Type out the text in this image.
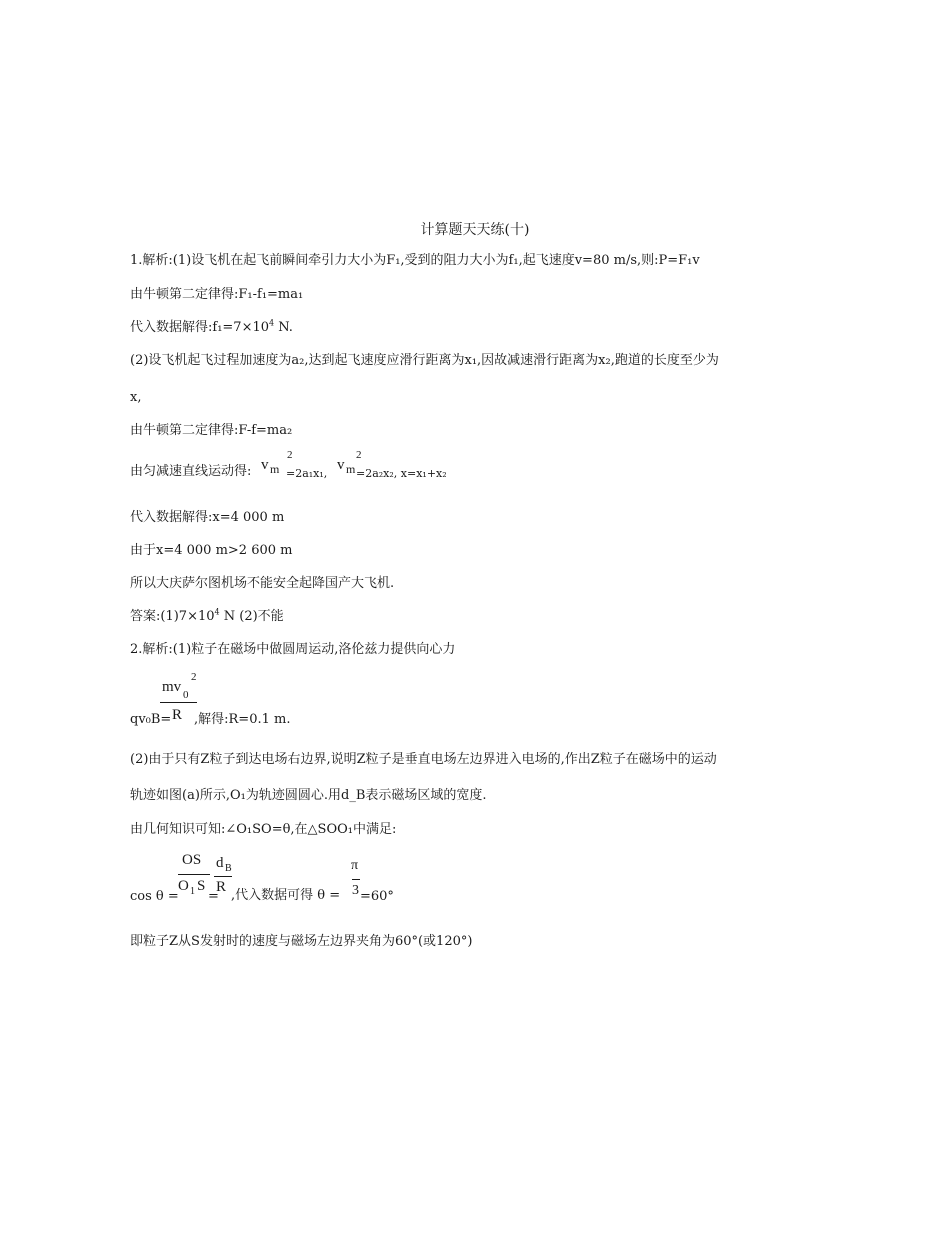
计算题天天练(十)
1.解析:(1)设飞机在起飞前瞬间牵引力大小为F₁,受到的阻力大小为f₁,起飞速度v=80 m/s,则:P=F₁v
由牛顿第二定律得:F₁-f₁=ma₁
代入数据解得$:f_1=7\times 10^4$ N.
(2)设飞机起飞过程加速度为a₂,达到起飞速度应滑行距离为x₁,因故减速滑行距离为x₂,跑道的长度至少为
x,
由牛顿第二定律得:F-f=ma₂
由匀减速直线运动得: v m
2
=2a₁x₁,
v m
2
=2a₂x₂, x=x₁+x₂
代入数据解得:x=4 000 m
由于x=4 000 m>2 600 m
所以大庆萨尔图机场不能安全起降国产大飞机.
答案$:(1)7\times 10^4$ N (2)不能
2.解析:(1)粒子在磁场中做圆周运动,洛伦兹力提供向心力
mv 0
2
R
qv₀B= ,解得:R=0.1 m.
(2)由于只有Z粒子到达电场右边界,说明Z粒子是垂直电场左边界进入电场的,作出Z粒子在磁场中的运动
轨迹如图(a)所示,O₁为轨迹圆圆心.用d_B表示磁场区域的宽度.
由几何知识可知:∠O₁SO=θ,在△SOO₁中满足:
cos θ =
OS
O 1 S
=
d B
R
,代入数据可得 θ =
π
3 =60°
即粒子Z从S发射时的速度与磁场左边界夹角为60°(或120°)
